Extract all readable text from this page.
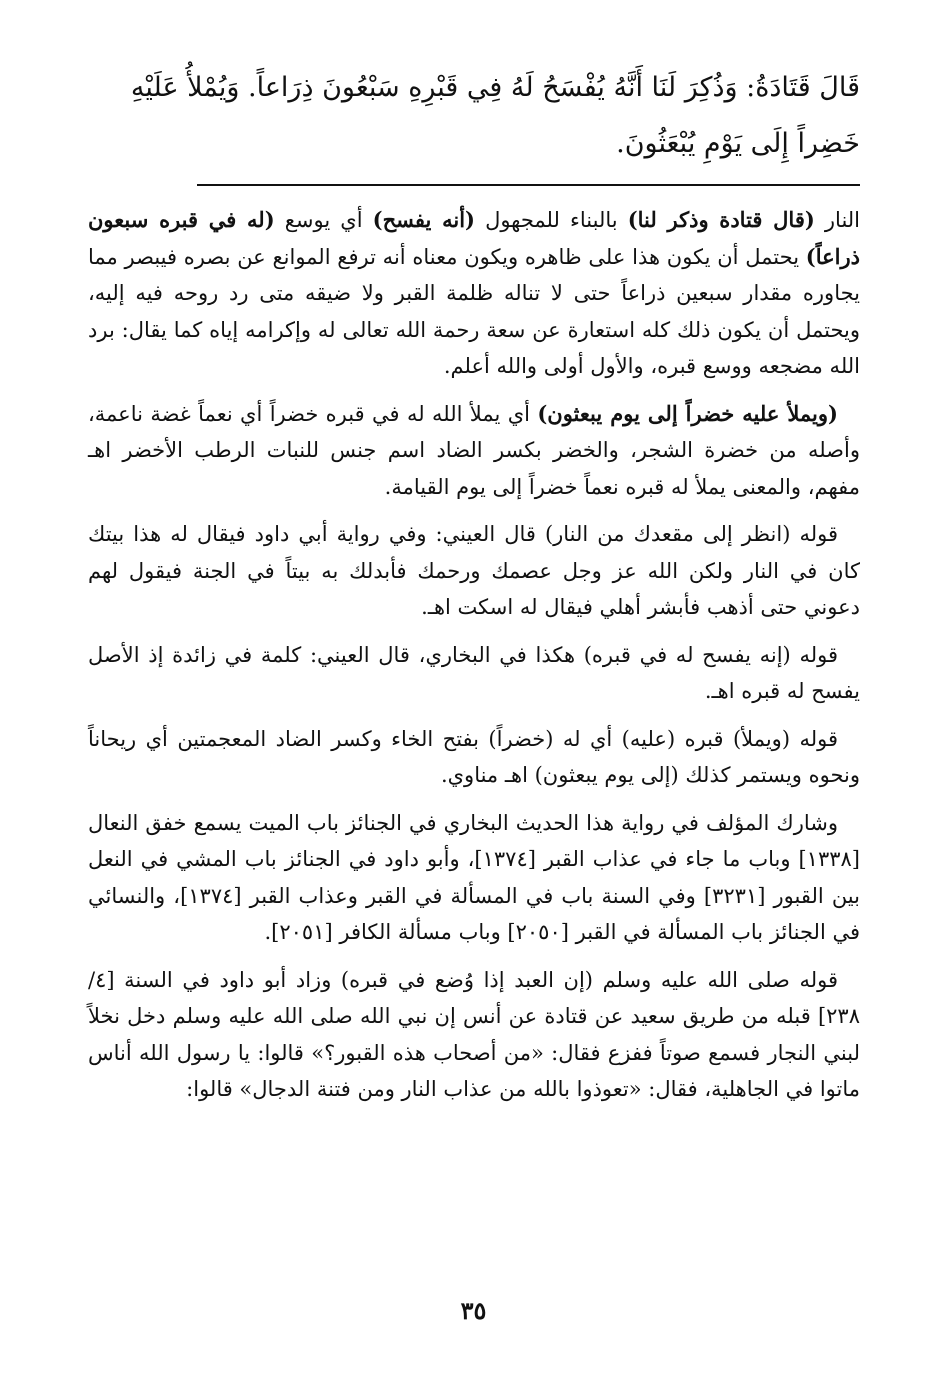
قَالَ قَتَادَةُ: وَذُكِرَ لَنَا أَنَّهُ يُفْسَحُ لَهُ فِي قَبْرِهِ سَبْعُونَ ذِرَاعاً. وَيُمْلأُ عَلَيْهِ خَضِراً إِلَى يَوْمِ يُبْعَثُونَ.

النار (قال قتادة وذكر لنا) بالبناء للمجهول (أنه يفسح) أي يوسع (له في قبره سبعون ذراعاً) يحتمل أن يكون هذا على ظاهره ويكون معناه أنه ترفع الموانع عن بصره فيبصر مما يجاوره مقدار سبعين ذراعاً حتى لا تناله ظلمة القبر ولا ضيقه متى رد روحه فيه إليه، ويحتمل أن يكون ذلك كله استعارة عن سعة رحمة الله تعالى له وإكرامه إياه كما يقال: برد الله مضجعه ووسع قبره، والأول أولى والله أعلم.

(ويملأ عليه خضراً إلى يوم يبعثون) أي يملأ الله له في قبره خضراً أي نعماً غضة ناعمة، وأصله من خضرة الشجر، والخضر بكسر الضاد اسم جنس للنبات الرطب الأخضر اهـ مفهم، والمعنى يملأ له قبره نعماً خضراً إلى يوم القيامة.

قوله (انظر إلى مقعدك من النار) قال العيني: وفي رواية أبي داود فيقال له هذا بيتك كان في النار ولكن الله عز وجل عصمك ورحمك فأبدلك به بيتاً في الجنة فيقول لهم دعوني حتى أذهب فأبشر أهلي فيقال له اسكت اهـ.

قوله (إنه يفسح له في قبره) هكذا في البخاري، قال العيني: كلمة في زائدة إذ الأصل يفسح له قبره اهـ.

قوله (ويملأ) قبره (عليه) أي له (خضراً) بفتح الخاء وكسر الضاد المعجمتين أي ريحاناً ونحوه ويستمر كذلك (إلى يوم يبعثون) اهـ مناوي.

وشارك المؤلف في رواية هذا الحديث البخاري في الجنائز باب الميت يسمع خفق النعال [١٣٣٨] وباب ما جاء في عذاب القبر [١٣٧٤]، وأبو داود في الجنائز باب المشي في النعل بين القبور [٣٢٣١] وفي السنة باب في المسألة في القبر وعذاب القبر [١٣٧٤]، والنسائي في الجنائز باب المسألة في القبر [٢٠٥٠] وباب مسألة الكافر [٢٠٥١].

قوله صلى الله عليه وسلم (إن العبد إذا وُضع في قبره) وزاد أبو داود في السنة [٤/ ٢٣٨] قبله من طريق سعيد عن قتادة عن أنس إن نبي الله صلى الله عليه وسلم دخل نخلاً لبني النجار فسمع صوتاً ففزع فقال: «من أصحاب هذه القبور؟» قالوا: يا رسول الله أناس ماتوا في الجاهلية، فقال: «تعوذوا بالله من عذاب النار ومن فتنة الدجال» قالوا:

٣٥
